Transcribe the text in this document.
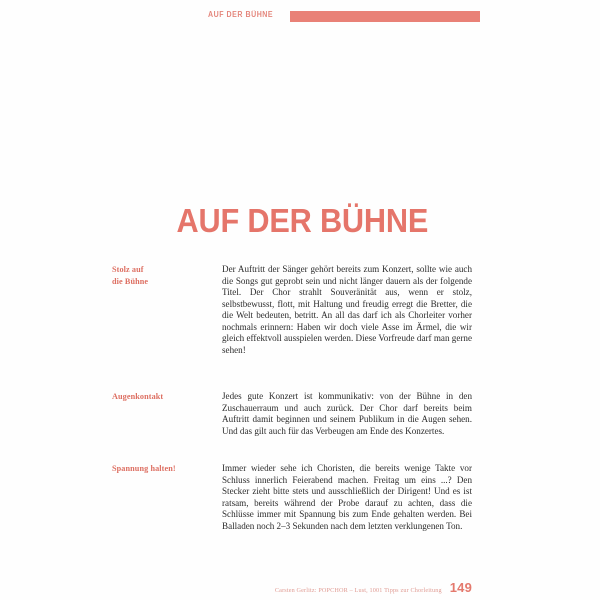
AUF DER BÜHNE
AUF DER BÜHNE
Stolz auf
die Bühne
Der Auftritt der Sänger gehört bereits zum Konzert, sollte wie auch die Songs gut geprobt sein und nicht länger dauern als der folgende Titel. Der Chor strahlt Souveränität aus, wenn er stolz, selbstbewusst, flott, mit Haltung und freudig erregt die Bretter, die die Welt bedeuten, betritt. An all das darf ich als Chorleiter vorher nochmals erinnern: Haben wir doch viele Asse im Ärmel, die wir gleich effektvoll ausspielen werden. Diese Vorfreude darf man gerne sehen!
Augenkontakt	Jedes gute Konzert ist kommunikativ: von der Bühne in den Zuschauerraum und auch zurück. Der Chor darf bereits beim Auftritt damit beginnen und seinem Publikum in die Augen sehen. Und das gilt auch für das Verbeugen am Ende des Konzertes.
Spannung halten!	Immer wieder sehe ich Choristen, die bereits wenige Takte vor Schluss innerlich Feierabend machen. Freitag um eins ...? Den Stecker zieht bitte stets und ausschließlich der Dirigent! Und es ist ratsam, bereits während der Probe darauf zu achten, dass die Schlüsse immer mit Spannung bis zum Ende gehalten werden. Bei Balladen noch 2–3 Sekunden nach dem letzten verklungenen Ton.
Carsten Gerlitz: POPCHOR – Lust, 1001 Tipps zur Chorleitung 149
